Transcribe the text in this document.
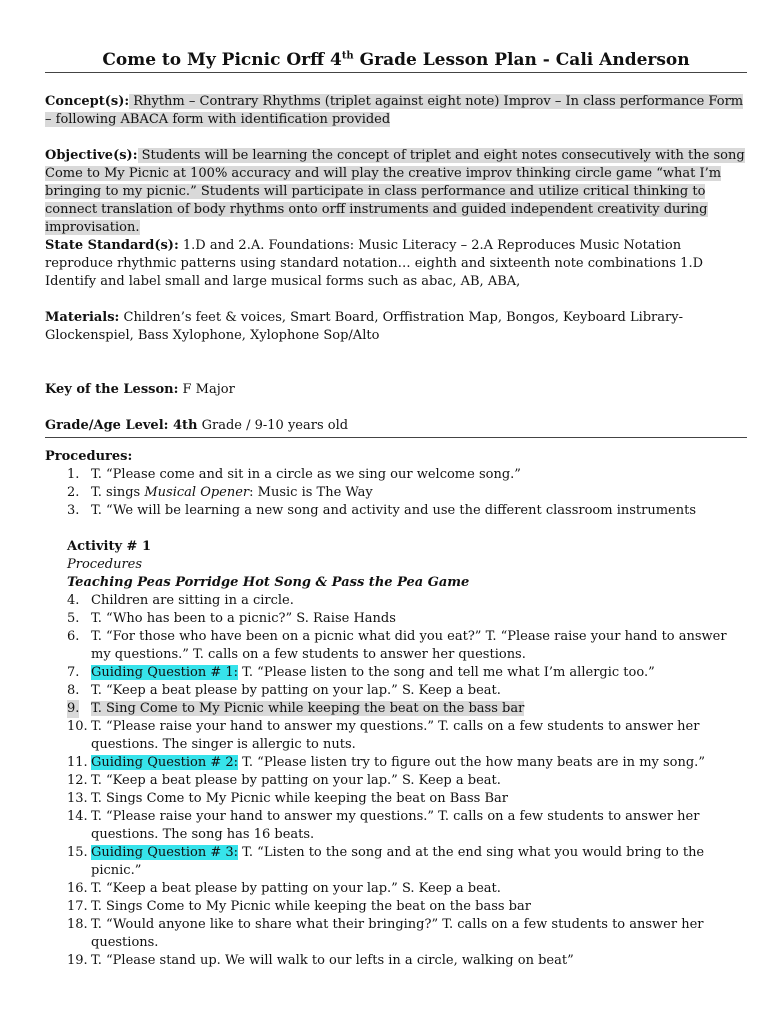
Come to My Picnic Orff 4th Grade Lesson Plan - Cali Anderson

Concept(s): Rhythm – Contrary Rhythms (triplet against eight note) Improv – In class performance Form – following ABACA form with identification provided

Objective(s): Students will be learning the concept of triplet and eight notes consecutively with the song Come to My Picnic at 100% accuracy and will play the creative improv thinking circle game “what I’m bringing to my picnic.” Students will participate in class performance and utilize critical thinking to connect translation of body rhythms onto orff instruments and guided independent creativity during improvisation.

State Standard(s): 1.D and 2.A. Foundations: Music Literacy – 2.A Reproduces Music Notation reproduce rhythmic patterns using standard notation… eighth and sixteenth note combinations 1.D Identify and label small and large musical forms such as abac, AB, ABA,

Materials: Children’s feet & voices, Smart Board, Orffistration Map, Bongos, Keyboard Library- Glockenspiel, Bass Xylophone, Xylophone Sop/Alto

Key of the Lesson: F Major

Grade/Age Level: 4th Grade / 9-10 years old

Procedures:

1. T. “Please come and sit in a circle as we sing our welcome song.”
2. T. sings Musical Opener: Music is The Way
3. T. “We will be learning a new song and activity and use the different classroom instruments

Activity # 1

Procedures

Teaching Peas Porridge Hot Song & Pass the Pea Game

4. Children are sitting in a circle.
5. T. “Who has been to a picnic?” S. Raise Hands
6. T. “For those who have been on a picnic what did you eat?” T. “Please raise your hand to answer my questions.” T. calls on a few students to answer her questions.
7. Guiding Question # 1: T. “Please listen to the song and tell me what I’m allergic too.”
8. T. “Keep a beat please by patting on your lap.” S. Keep a beat.
9. T. Sing Come to My Picnic while keeping the beat on the bass bar
10. T. “Please raise your hand to answer my questions.” T. calls on a few students to answer her questions. The singer is allergic to nuts.
11. Guiding Question # 2: T. “Please listen try to figure out the how many beats are in my song.”
12. T. “Keep a beat please by patting on your lap.” S. Keep a beat.
13. T. Sings Come to My Picnic while keeping the beat on Bass Bar
14. T. “Please raise your hand to answer my questions.” T. calls on a few students to answer her questions. The song has 16 beats.
15. Guiding Question # 3: T. “Listen to the song and at the end sing what you would bring to the picnic.”
16. T. “Keep a beat please by patting on your lap.” S. Keep a beat.
17. T. Sings Come to My Picnic while keeping the beat on the bass bar
18. T. “Would anyone like to share what their bringing?” T. calls on a few students to answer her questions.
19. T. “Please stand up. We will walk to our lefts in a circle, walking on beat”
